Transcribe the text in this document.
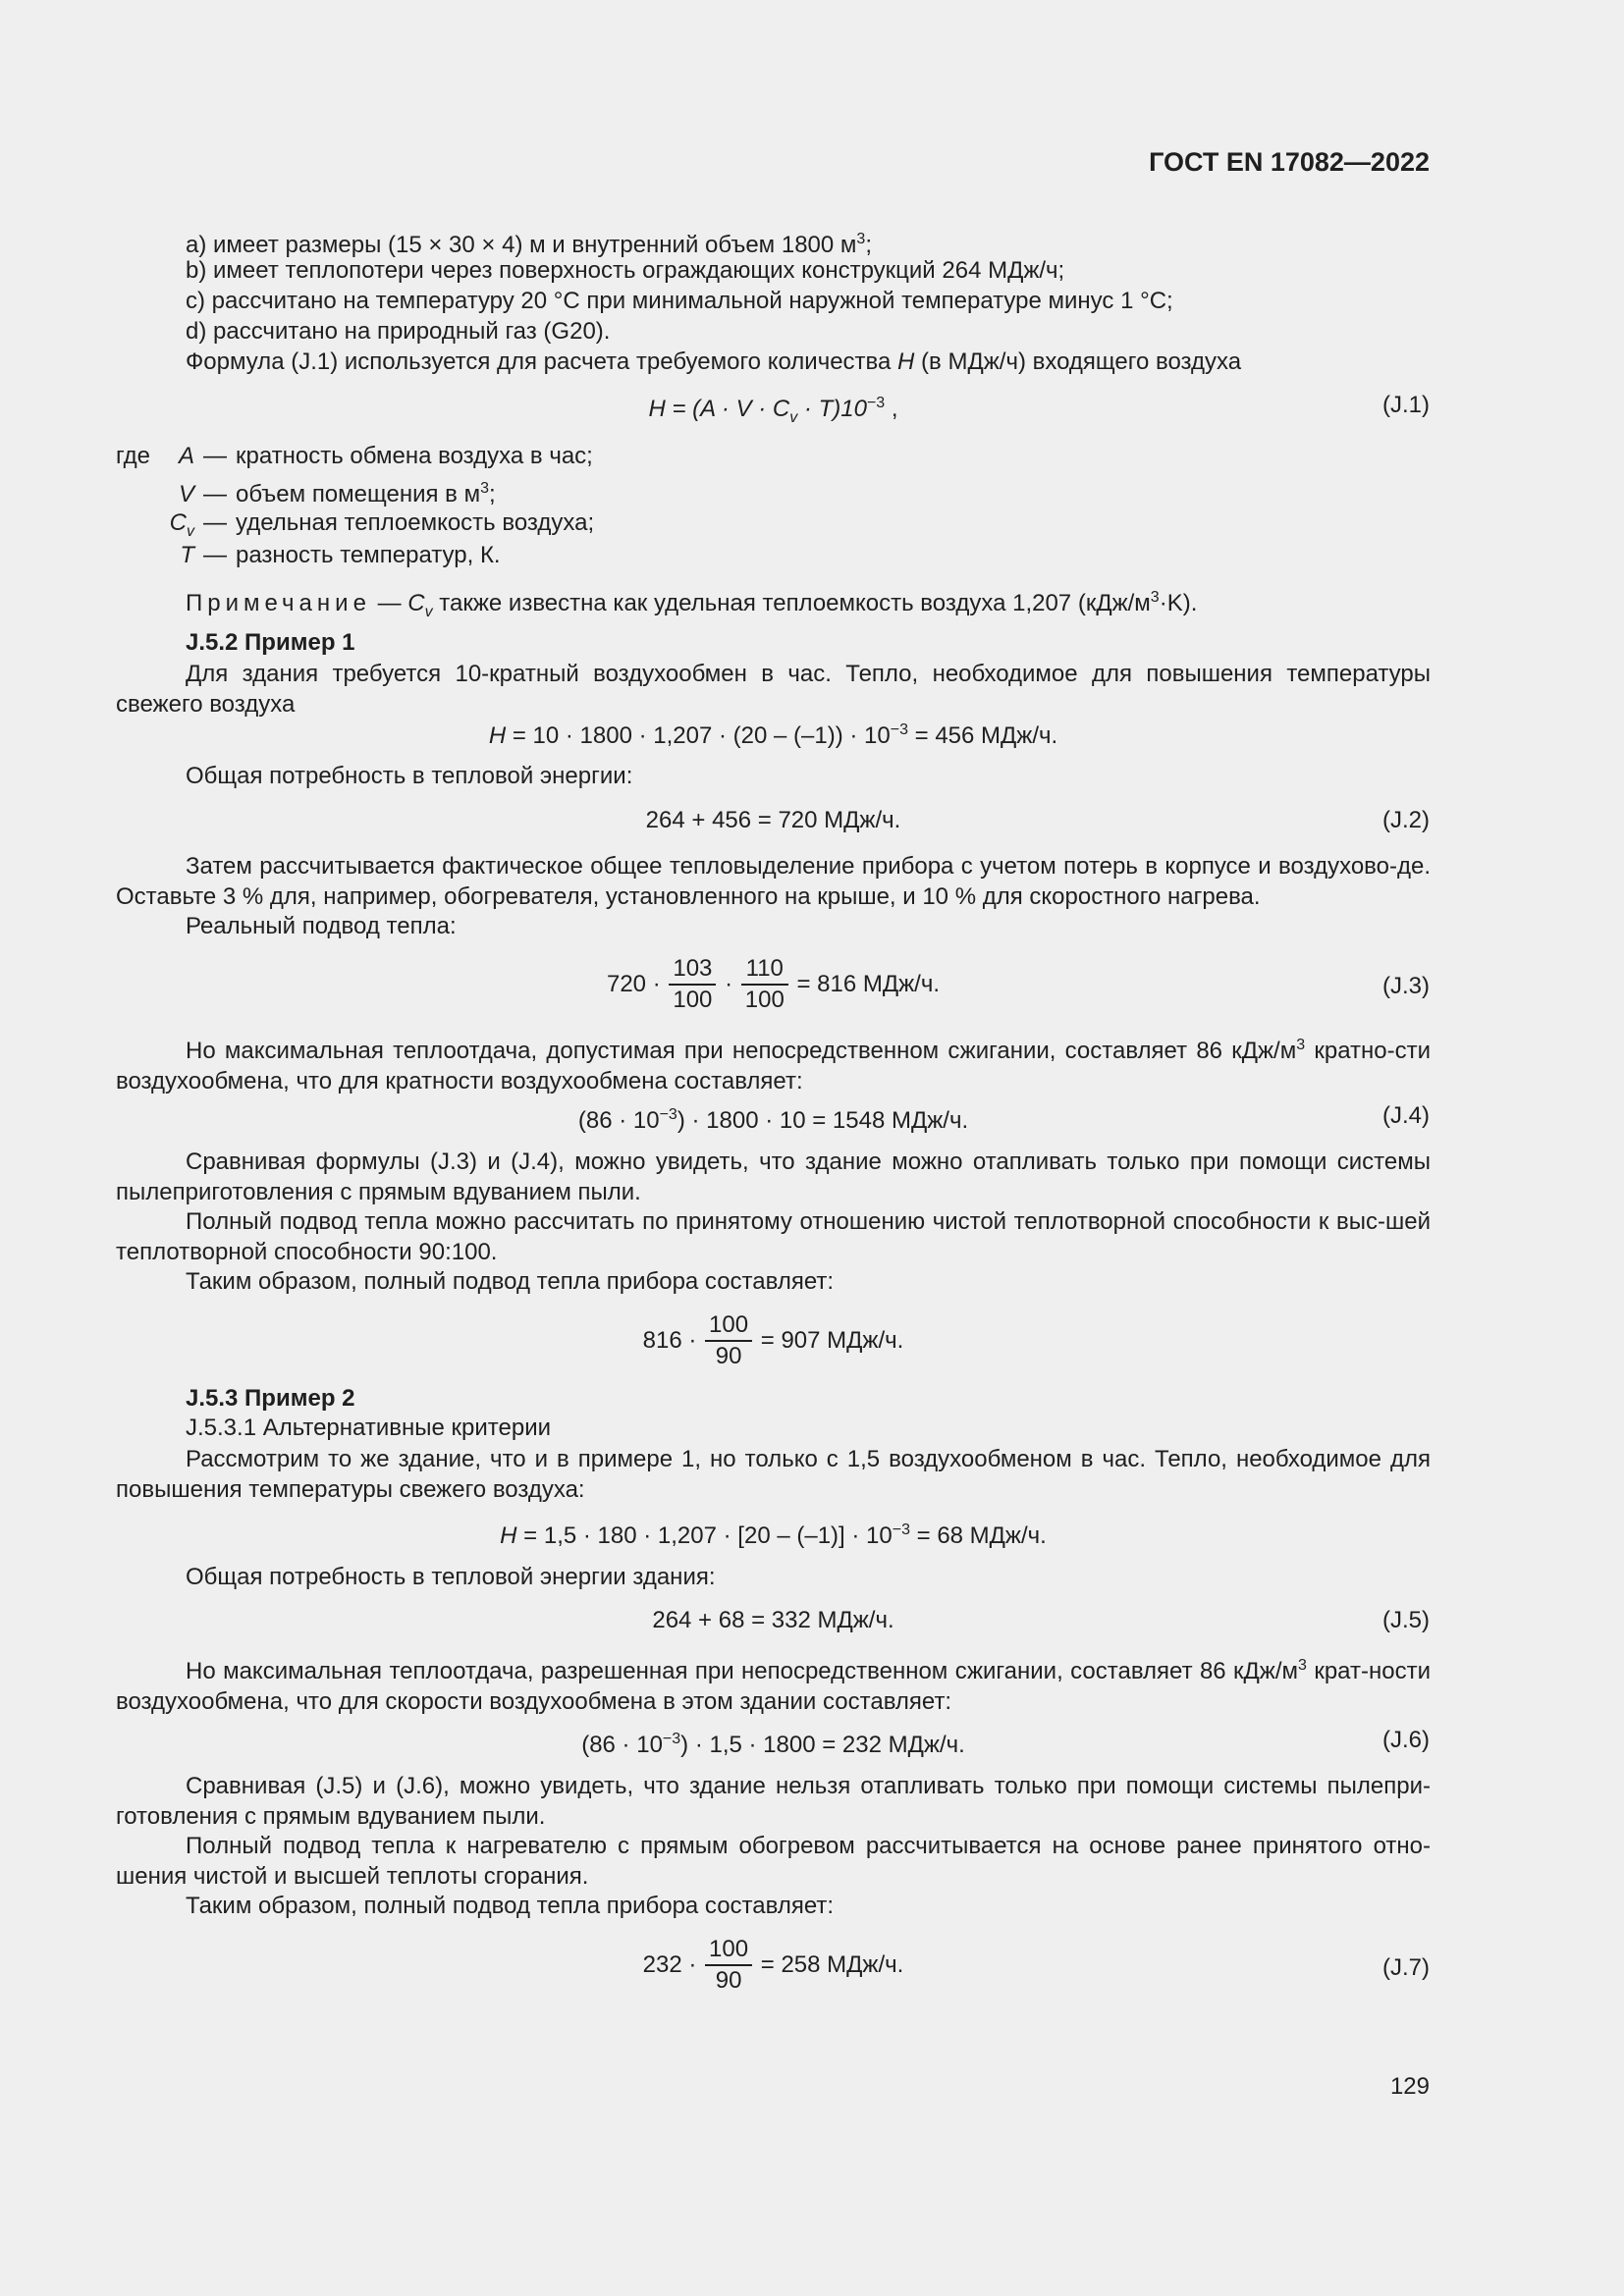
ГОСТ EN 17082—2022
a) имеет размеры (15 × 30 × 4) м и внутренний объем 1800 $м^3$;
b) имеет теплопотери через поверхность ограждающих конструкций 264 МДж/ч;
c) рассчитано на температуру 20 °C при минимальной наружной температуре минус 1 °C;
d) рассчитано на природный газ (G20).
Формула (J.1) используется для расчета требуемого количества H (в МДж/ч) входящего воздуха
$H = (A \cdot V \cdot C_v \cdot T)10^{-3}$ ,	(J.1)
где	A — кратность обмена воздуха в час;
V — объем помещения в $м^3$;
$C_v$ — удельная теплоемкость воздуха;
T — разность температур, К.
Примечание — $C_v$ также известна как удельная теплоемкость воздуха 1,207 $(кДж/м^3\cdot K)$.
J.5.2 Пример 1

Для здания требуется 10-кратный воздухообмен в час. Тепло, необходимое для повышения температуры свежего воздуха

$H = 10 \cdot 1800 \cdot 1,207 \cdot (20 - (-1)) \cdot 10^{-3} = 456$ МДж/ч.
Общая потребность в тепловой энергии:
264 + 456 = 720 МДж/ч.	(J.2)

Затем рассчитывается фактическое общее тепловыделение прибора с учетом потерь в корпусе и воздухово-де. Оставьте 3 % для, например, обогревателя, установленного на крыше, и 10 % для скоростного нагрева.

Реальный подвод тепла:
$720 \cdot \frac{103}{100} \cdot \frac{110}{100} = 816$ МДж/ч.	(J.3)

Но максимальная теплоотдача, допустимая при непосредственном сжигании, составляет 86 кДж/$м^3$ кратно-сти воздухообмена, что для кратности воздухообмена составляет:

$(86 \cdot 10^{-3}) \cdot 1800 \cdot 10 = 1548$ МДж/ч.	(J.4)

Сравнивая формулы (J.3) и (J.4), можно увидеть, что здание можно отапливать только при помощи системы пылеприготовления с прямым вдуванием пыли.

Полный подвод тепла можно рассчитать по принятому отношению чистой теплотворной способности к выс-шей теплотворной способности 90:100.

Таким образом, полный подвод тепла прибора составляет:
$816 \cdot \frac{100}{90} = 907$ МДж/ч.
J.5.3 Пример 2
J.5.3.1 Альтернативные критерии

Рассмотрим то же здание, что и в примере 1, но только с 1,5 воздухообменом в час. Тепло, необходимое для повышения температуры свежего воздуха:

$H = 1,5 \cdot 180 \cdot 1,207 \cdot [20 - (-1)] \cdot 10^{-3} = 68$ МДж/ч.
Общая потребность в тепловой энергии здания:
264 + 68 = 332 МДж/ч.	(J.5)

Но максимальная теплоотдача, разрешенная при непосредственном сжигании, составляет 86 кДж/$м^3$ крат-ности воздухообмена, что для скорости воздухообмена в этом здании составляет:

$(86 \cdot 10^{-3}) \cdot 1,5 \cdot 1800 = 232$ МДж/ч.	(J.6)

Сравнивая (J.5) и (J.6), можно увидеть, что здание нельзя отапливать только при помощи системы пылепри-готовления с прямым вдуванием пыли.

Полный подвод тепла к нагревателю с прямым обогревом рассчитывается на основе ранее принятого отно-шения чистой и высшей теплоты сгорания.

Таким образом, полный подвод тепла прибора составляет:
$232 \cdot \frac{100}{90} = 258$ МДж/ч.	(J.7)
129
